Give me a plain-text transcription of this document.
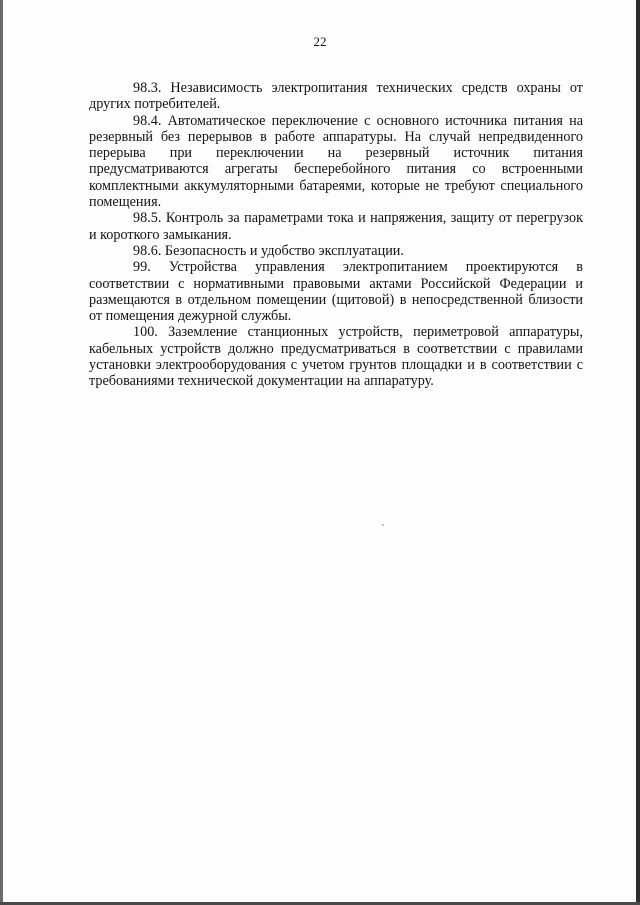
22

98.3. Независимость электропитания технических средств охраны от других потребителей.

98.4. Автоматическое переключение с основного источника питания на резервный без перерывов в работе аппаратуры. На случай непредвиденного перерыва при переключении на резервный источник питания предусматриваются агрегаты бесперебойного питания со встроенными комплектными аккумуляторными батареями, которые не требуют специального помещения.

98.5. Контроль за параметрами тока и напряжения, защиту от перегрузок и короткого замыкания.

98.6. Безопасность и удобство эксплуатации.

99. Устройства управления электропитанием проектируются в соответствии с нормативными правовыми актами Российской Федерации и размещаются в отдельном помещении (щитовой) в непосредственной близости от помещения дежурной службы.

100. Заземление станционных устройств, периметровой аппаратуры, кабельных устройств должно предусматриваться в соответствии с правилами установки электрооборудования с учетом грунтов площадки и в соответствии с требованиями технической документации на аппаратуру.
